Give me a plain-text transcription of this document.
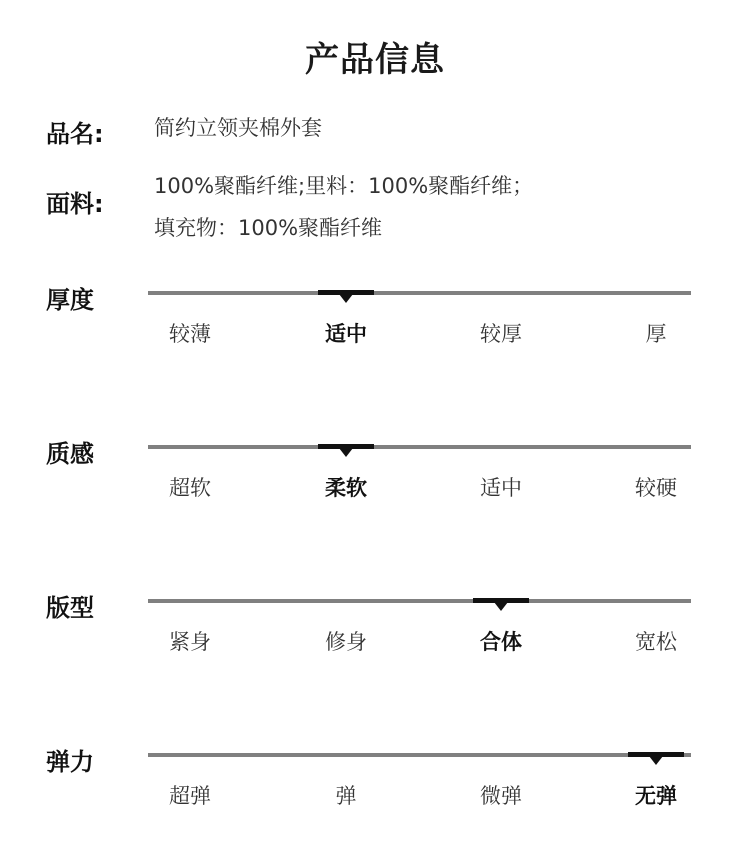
产品信息
品名: 简约立领夹棉外套
面料:
100%聚酯纤维;里料：100%聚酯纤维；
填充物：100%聚酯纤维
厚度
较薄	适中	较厚	厚
质感
超软	柔软	适中	较硬
版型
紧身	修身	合体	宽松
弹力
超弹	弹	微弹	无弹
